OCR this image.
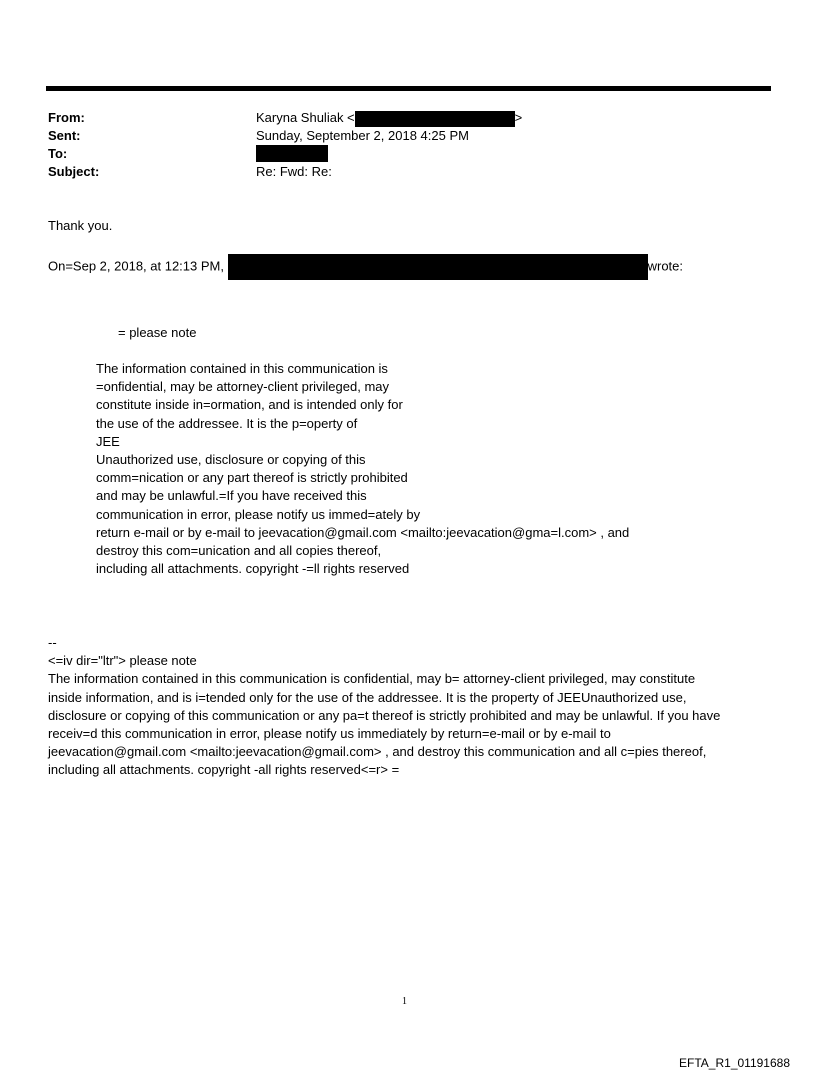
From:
Sent:
To:
Subject:
Karyna Shuliak <	>
Sunday, September 2, 2018 4:25 PM
Re: Fwd: Re:
Thank you.
On=Sep 2, 2018, at 12:13 PM,	wrote:
= please note
The information contained in this communication is
=onfidential, may be attorney-client privileged, may
constitute inside in=ormation, and is intended only for
the use of the addressee. It is the p=operty of
JEE
Unauthorized use, disclosure or copying of this
comm=nication or any part thereof is strictly prohibited
and may be unlawful.=If you have received this
communication in error, please notify us immed=ately by
return e-mail or by e-mail to jeevacation@gmail.com <mailto:jeevacation@gma=l.com> , and
destroy this com=unication and all copies thereof,
including all attachments. copyright -=ll rights reserved
--
<=iv dir="ltr"> please note
The information contained in this communication is confidential, may b= attorney-client privileged, may constitute
inside information, and is i=tended only for the use of the addressee. It is the property of JEEUnauthorized use,
disclosure or copying of this communication or any pa=t thereof is strictly prohibited and may be unlawful. If you have
receiv=d this communication in error, please notify us immediately by return=e-mail or by e-mail to
jeevacation@gmail.com <mailto:jeevacation@gmail.com> , and destroy this communication and all c=pies thereof,
including all attachments. copyright -all rights reserved<=r> =
1
EFTA_R1_01191688
